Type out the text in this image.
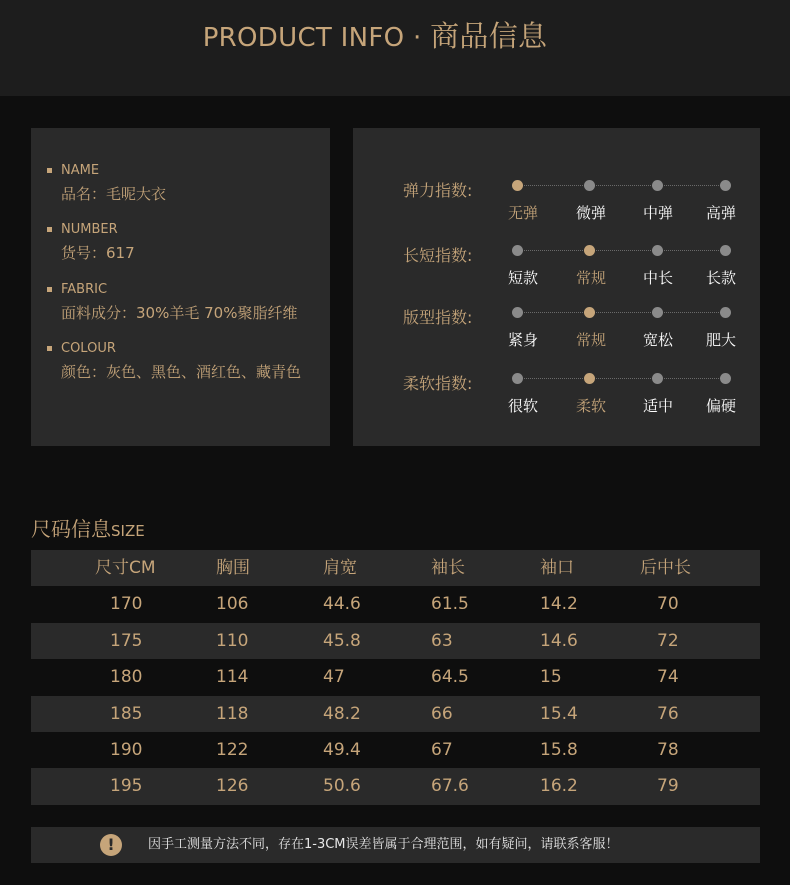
PRODUCT INFO · 商品信息
NAME
品名：毛呢大衣
NUMBER
货号：617
FABRIC
面料成分：30%羊毛 70%聚脂纤维
COLOUR
颜色：灰色、黑色、酒红色、藏青色
弹力指数:
无弹	微弹	中弹	高弹
长短指数:
短款	常规	中长	长款
版型指数:
紧身	常规	宽松	肥大
柔软指数:
很软	柔软	适中	偏硬
尺码信息SIZE
尺寸CM	胸围	肩宽	袖长	袖口	后中长
170	106	44.6	61.5	14.2	70
175	110	45.8	63	14.6	72
180	114	47	64.5	15	74
185	118	48.2	66	15.4	76
190	122	49.4	67	15.8	78
195	126	50.6	67.6	16.2	79
!	因手工测量方法不同，存在1-3CM误差皆属于合理范围，如有疑问，请联系客服！
